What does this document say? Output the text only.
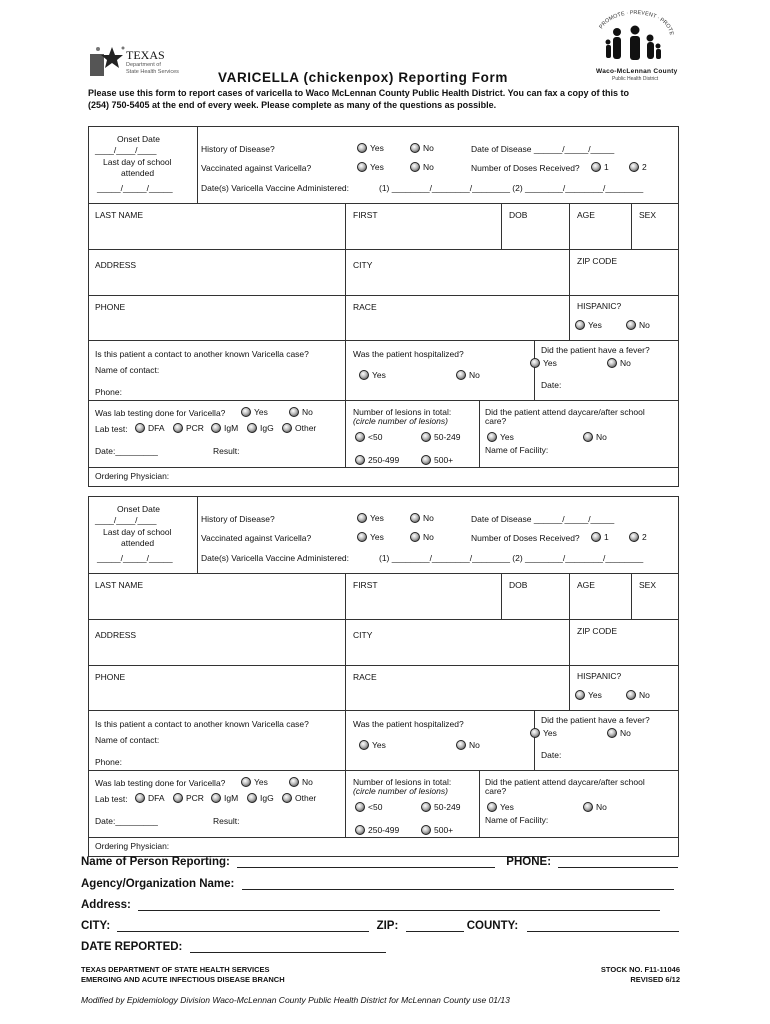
TEXAS
Department of
State Health Services	VARICELLA (chickenpox) Reporting Form
PROMOTE · PREVENT · PROTE
Waco-McLennan County
Public Health District
Please use this form to report cases of varicella to Waco McLennan County Public Health District. You can fax a copy of this to
(254) 750-5405 at the end of every week. Please complete as many of the questions as possible.
Onset Date
____/____/____
Last day of school
attended
_____/_____/_____
History of Disease?	Yes	No	Date of Disease ______/_____/_____
Vaccinated against Varicella?	Yes	No	Number of Doses Received?	1	2
Date(s) Varicella Vaccine Administered:	(1) ________/________/________ (2) ________/________/________
LAST NAME	FIRST	DOB	AGE	SEX
ADDRESS	CITY	ZIP CODE
PHONE	RACE	HISPANIC?
Yes	No
Is this patient a contact to another known Varicella case?
Name of contact:
Phone:
Was the patient hospitalized?
Yes	No
Did the patient have a fever?
Yes	No
Date:
Was lab testing done for Varicella?	Yes	No
Lab test: DFA	PCR IgM	IgG	Other
Date:_________	Result:
Number of lesions in total:
(circle number of lesions)
<50	50-249
250-499	500+
Did the patient attend daycare/after school
care?
Yes	No
Name of Facility:
Ordering Physician:
Onset Date
____/____/____
Last day of school
attended
_____/_____/_____
History of Disease?	Yes	No	Date of Disease ______/_____/_____
Vaccinated against Varicella?	Yes	No	Number of Doses Received?	1	2
Date(s) Varicella Vaccine Administered:	(1) ________/________/________ (2) ________/________/________
LAST NAME	FIRST	DOB	AGE	SEX
ADDRESS	CITY	ZIP CODE
PHONE	RACE	HISPANIC?
Yes	No
Is this patient a contact to another known Varicella case?
Name of contact:
Phone:
Was the patient hospitalized?
Yes	No
Did the patient have a fever?
Yes	No
Date:
Was lab testing done for Varicella?	Yes	No
Lab test: DFA	PCR IgM	IgG	Other
Date:_________	Result:
Number of lesions in total:
(circle number of lesions)
<50	50-249
250-499	500+
Did the patient attend daycare/after school
care?
Yes	No
Name of Facility:
Ordering Physician:
Name of Person Reporting:	PHONE:
Agency/Organization Name:
Address:
CITY:	ZIP:	COUNTY:
DATE REPORTED:
TEXAS DEPARTMENT OF STATE HEALTH SERVICES
EMERGING AND ACUTE INFECTIOUS DISEASE BRANCH
STOCK NO. F11-11046
REVISED 6/12
Modified by Epidemiology Division Waco-McLennan County Public Health District for McLennan County use 01/13
